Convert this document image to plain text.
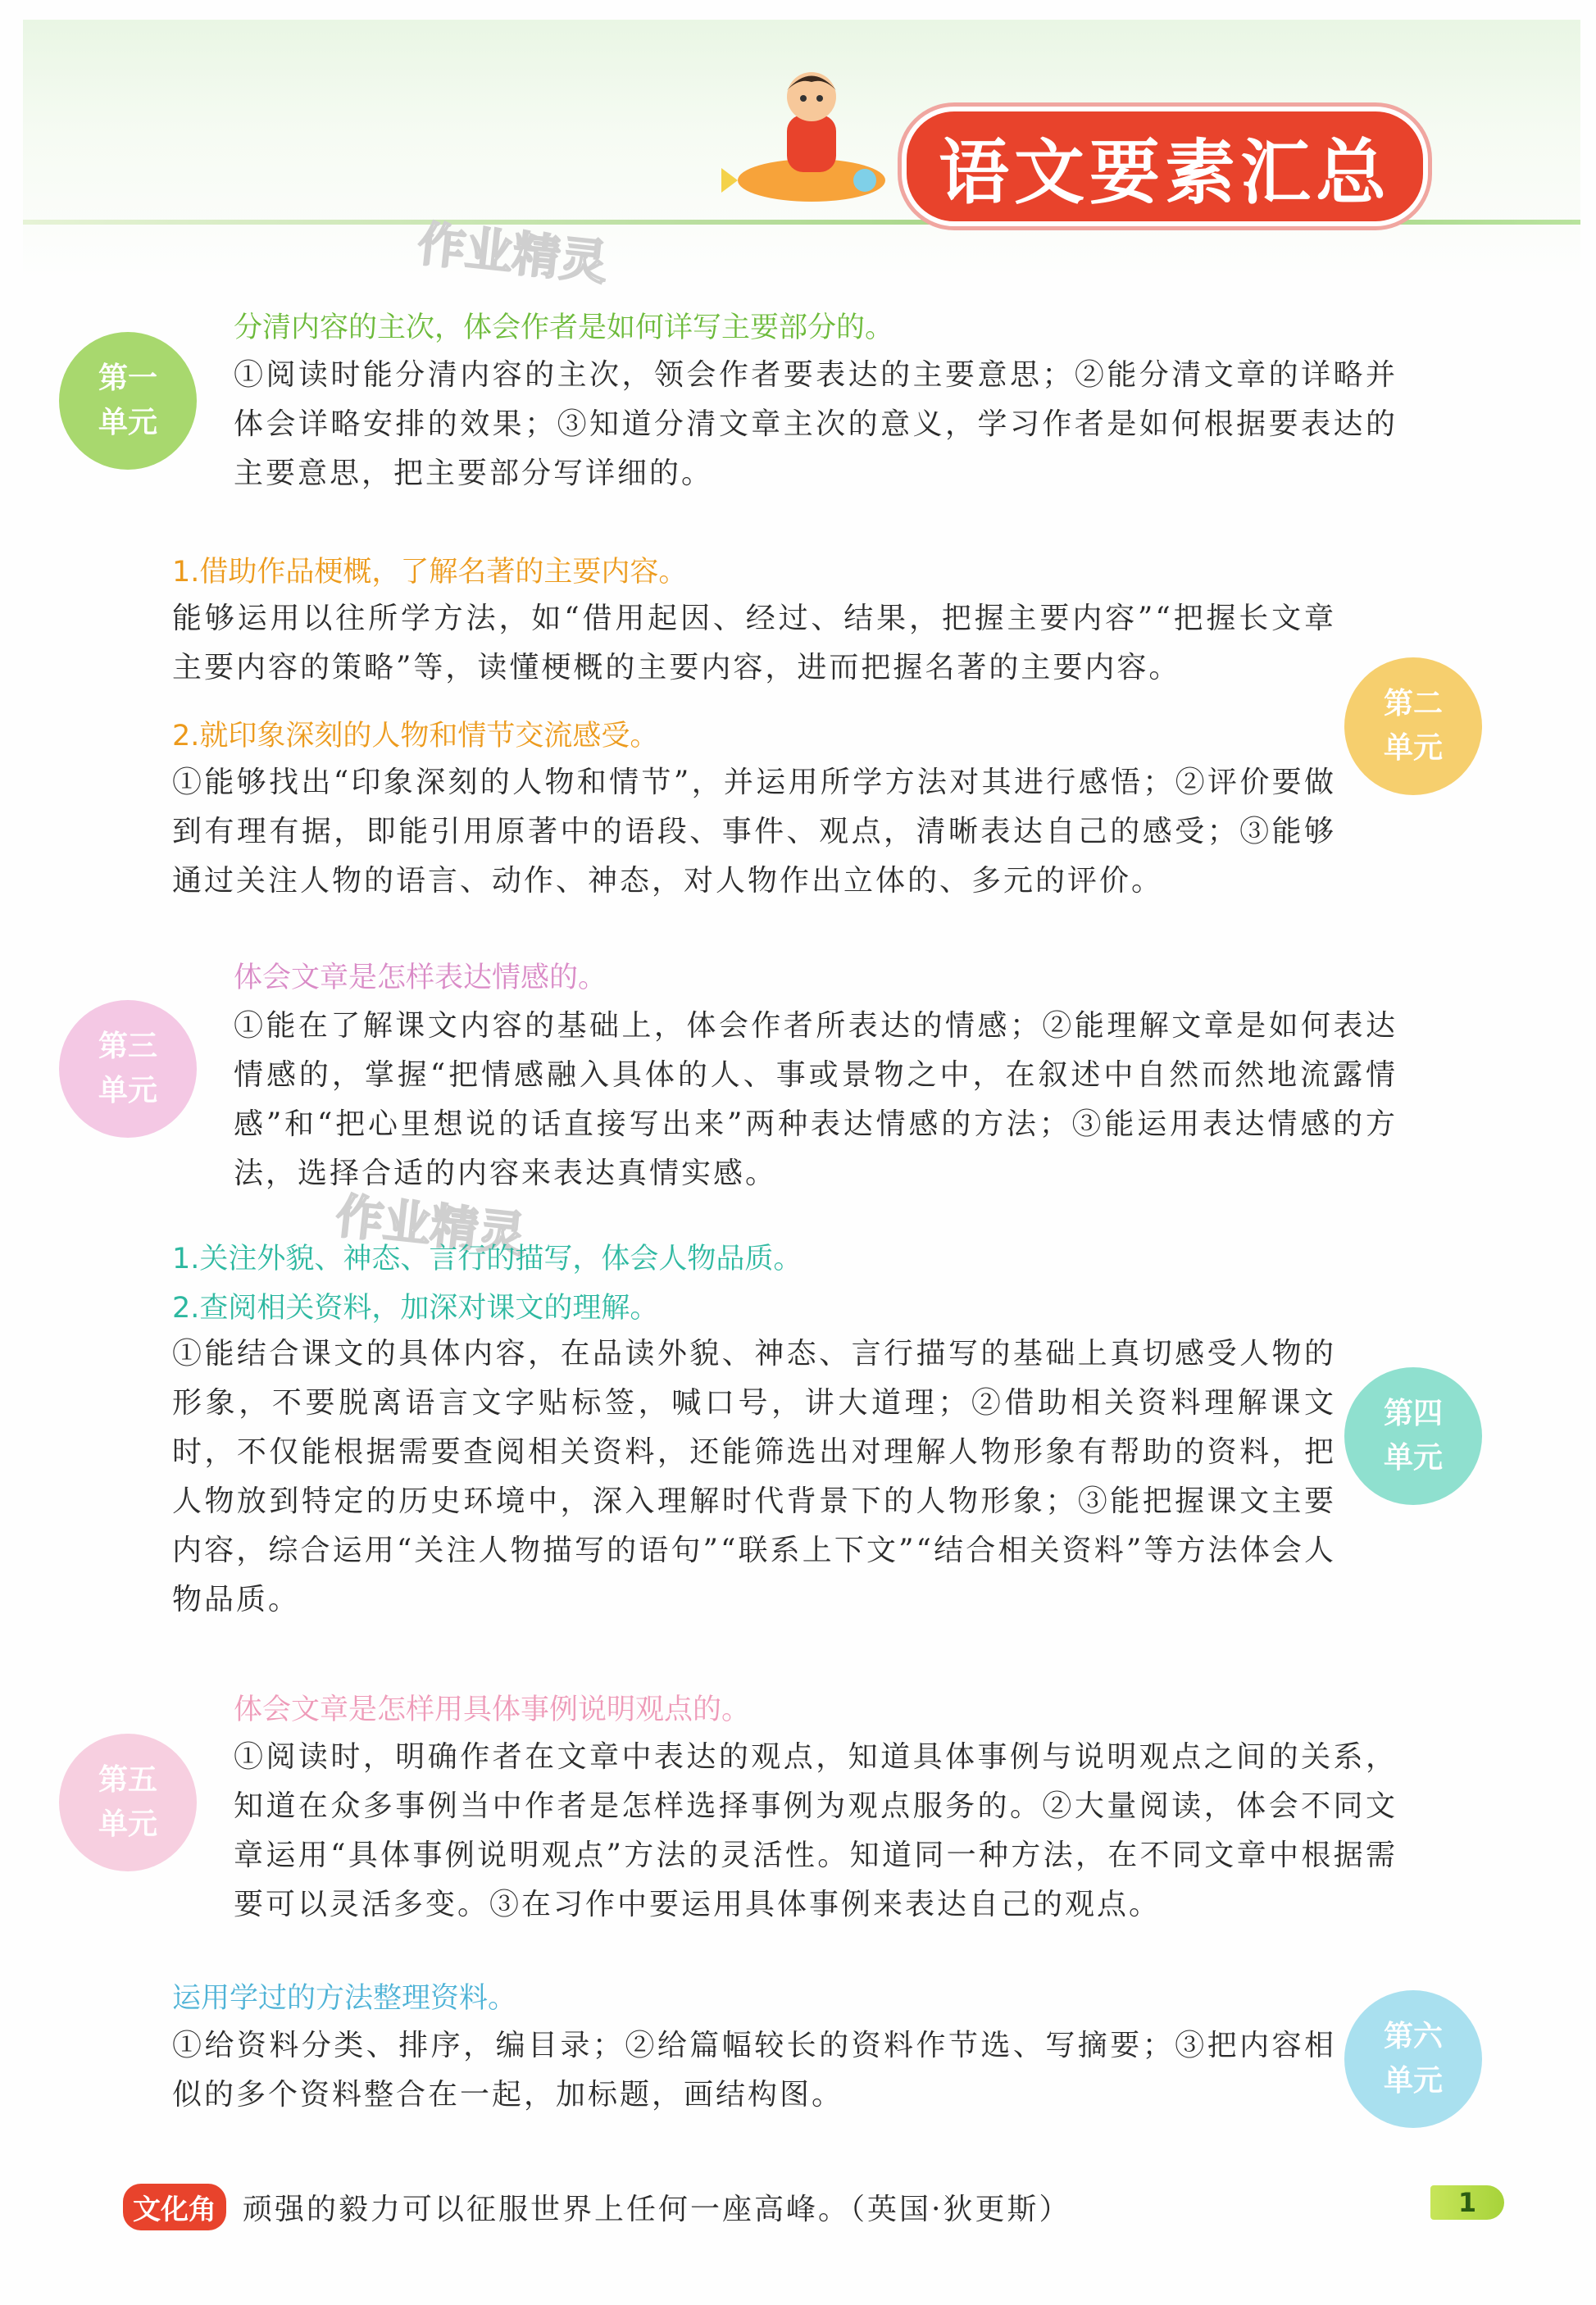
语文要素汇总
作业精灵
作业精灵
第一
单元
分清内容的主次，体会作者是如何详写主要部分的。
①阅读时能分清内容的主次，领会作者要表达的主要意思；②能分清文章的详略并体会详略安排的效果；③知道分清文章主次的意义，学习作者是如何根据要表达的主要意思，把主要部分写详细的。
1.借助作品梗概，了解名著的主要内容。
能够运用以往所学方法，如“借用起因、经过、结果，把握主要内容”“把握长文章主要内容的策略”等，读懂梗概的主要内容，进而把握名著的主要内容。
2.就印象深刻的人物和情节交流感受。
①能够找出“印象深刻的人物和情节”，并运用所学方法对其进行感悟；②评价要做到有理有据，即能引用原著中的语段、事件、观点，清晰表达自己的感受；③能够通过关注人物的语言、动作、神态，对人物作出立体的、多元的评价。
第二
单元
第三
单元
体会文章是怎样表达情感的。
①能在了解课文内容的基础上，体会作者所表达的情感；②能理解文章是如何表达情感的，掌握“把情感融入具体的人、事或景物之中，在叙述中自然而然地流露情感”和“把心里想说的话直接写出来”两种表达情感的方法；③能运用表达情感的方法，选择合适的内容来表达真情实感。
1.关注外貌、神态、言行的描写，体会人物品质。
2.查阅相关资料，加深对课文的理解。
①能结合课文的具体内容，在品读外貌、神态、言行描写的基础上真切感受人物的形象，不要脱离语言文字贴标签，喊口号，讲大道理；②借助相关资料理解课文时，不仅能根据需要查阅相关资料，还能筛选出对理解人物形象有帮助的资料，把人物放到特定的历史环境中，深入理解时代背景下的人物形象；③能把握课文主要内容，综合运用“关注人物描写的语句”“联系上下文”“结合相关资料”等方法体会人物品质。
第四
单元
第五
单元
体会文章是怎样用具体事例说明观点的。
①阅读时，明确作者在文章中表达的观点，知道具体事例与说明观点之间的关系，知道在众多事例当中作者是怎样选择事例为观点服务的。②大量阅读，体会不同文章运用“具体事例说明观点”方法的灵活性。知道同一种方法，在不同文章中根据需要可以灵活多变。③在习作中要运用具体事例来表达自己的观点。
运用学过的方法整理资料。
①给资料分类、排序，编目录；②给篇幅较长的资料作节选、写摘要；③把内容相似的多个资料整合在一起，加标题，画结构图。
第六
单元
文化角 顽强的毅力可以征服世界上任何一座高峰。（英国·狄更斯）	1
